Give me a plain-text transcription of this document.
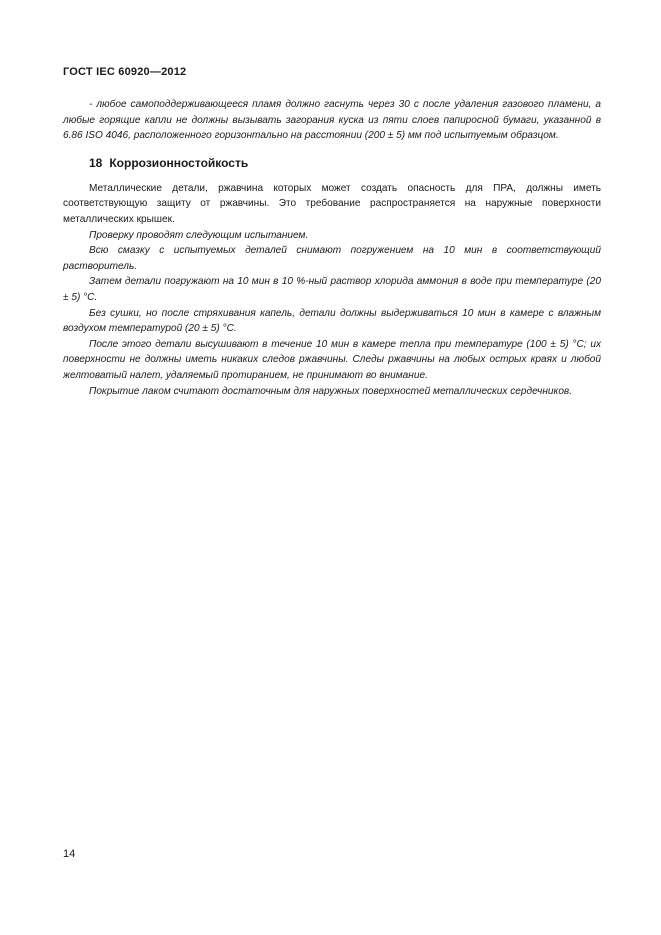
ГОСТ IEC 60920—2012

- любое самоподдерживающееся пламя должно гаснуть через 30 с после удаления газового пламени, а любые горящие капли не должны вызывать загорания куска из пяти слоев папиросной бумаги, указанной в 6.86 ISO 4046, расположенного горизонтально на расстоянии (200 ± 5) мм под испытуемым образцом.

18 Коррозионностойкость

Металлические детали, ржавчина которых может создать опасность для ПРА, должны иметь соответствующую защиту от ржавчины. Это требование распространяется на наружные поверхности металлических крышек.

Проверку проводят следующим испытанием.

Всю смазку с испытуемых деталей снимают погружением на 10 мин в соответствующий растворитель.

Затем детали погружают на 10 мин в 10 %-ный раствор хлорида аммония в воде при температуре (20 ± 5) °С.

Без сушки, но после стряхивания капель, детали должны выдерживаться 10 мин в камере с влажным воздухом температурой (20 ± 5) °С.

После этого детали высушивают в течение 10 мин в камере тепла при температуре (100 ± 5) °С; их поверхности не должны иметь никаких следов ржавчины. Следы ржавчины на любых острых краях и любой желтоватый налет, удаляемый протиранием, не принимают во внимание.

Покрытие лаком считают достаточным для наружных поверхностей металлических сердечников.

14
